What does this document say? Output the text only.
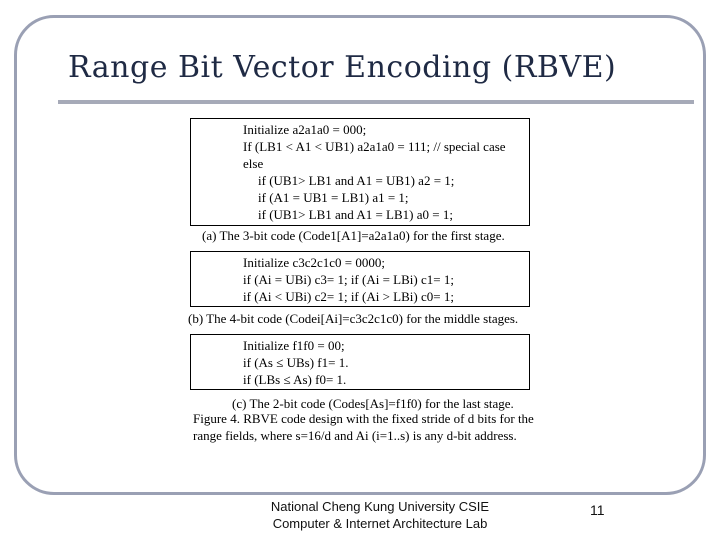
Range Bit Vector Encoding (RBVE)
Initialize a2a1a0 = 000;
If (LB1 < A1 < UB1) a2a1a0 = 111; // special case
else
if (UB1> LB1 and A1 = UB1) a2 = 1;
if (A1 = UB1 = LB1) a1 = 1;
if (UB1> LB1 and A1 = LB1) a0 = 1;
(a) The 3-bit code (Code1[A1]=a2a1a0) for the first stage.
Initialize c3c2c1c0 = 0000;
if (Ai = UBi) c3= 1; if (Ai = LBi) c1= 1;
if (Ai < UBi) c2= 1; if (Ai > LBi) c0= 1;
(b) The 4-bit code (Codei[Ai]=c3c2c1c0) for the middle stages.
Initialize f1f0 = 00;
if (As ≤ UBs) f1= 1.
if (LBs ≤ As) f0= 1.
(c) The 2-bit code (Codes[As]=f1f0) for the last stage.
Figure 4. RBVE code design with the fixed stride of d bits for the range fields, where s=16/d and Ai (i=1..s) is any d-bit address.
National Cheng Kung University CSIE
Computer & Internet Architecture Lab
11
